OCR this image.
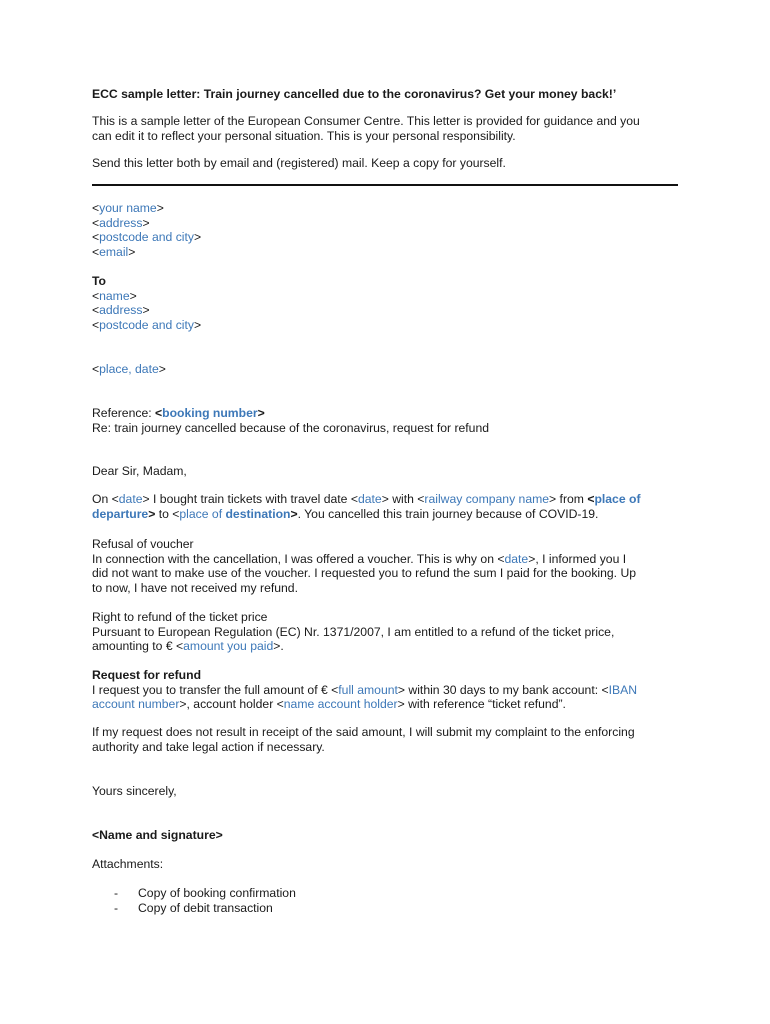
ECC sample letter: Train journey cancelled due to the coronavirus? Get your money back!’
This is a sample letter of the European Consumer Centre. This letter is provided for guidance and you
can edit it to reflect your personal situation. This is your personal responsibility.
Send this letter both by email and (registered) mail. Keep a copy for yourself.
<your name>
<address>
<postcode and city>
<email>
To
<name>
<address>
<postcode and city>
<place, date>
Reference: <booking number>
Re: train journey cancelled because of the coronavirus, request for refund
Dear Sir, Madam,
On <date> I bought train tickets with travel date <date> with <railway company name> from <place of
departure> to <place of destination>. You cancelled this train journey because of COVID-19.
Refusal of voucher
In connection with the cancellation, I was offered a voucher. This is why on <date>, I informed you I
did not want to make use of the voucher. I requested you to refund the sum I paid for the booking. Up
to now, I have not received my refund.
Right to refund of the ticket price
Pursuant to European Regulation (EC) Nr. 1371/2007, I am entitled to a refund of the ticket price,
amounting to € <amount you paid>.
Request for refund
I request you to transfer the full amount of € <full amount> within 30 days to my bank account: <IBAN
account number>, account holder <name account holder> with reference “ticket refund”.
If my request does not result in receipt of the said amount, I will submit my complaint to the enforcing
authority and take legal action if necessary.
Yours sincerely,
<Name and signature>
Attachments:
- Copy of booking confirmation
- Copy of debit transaction
